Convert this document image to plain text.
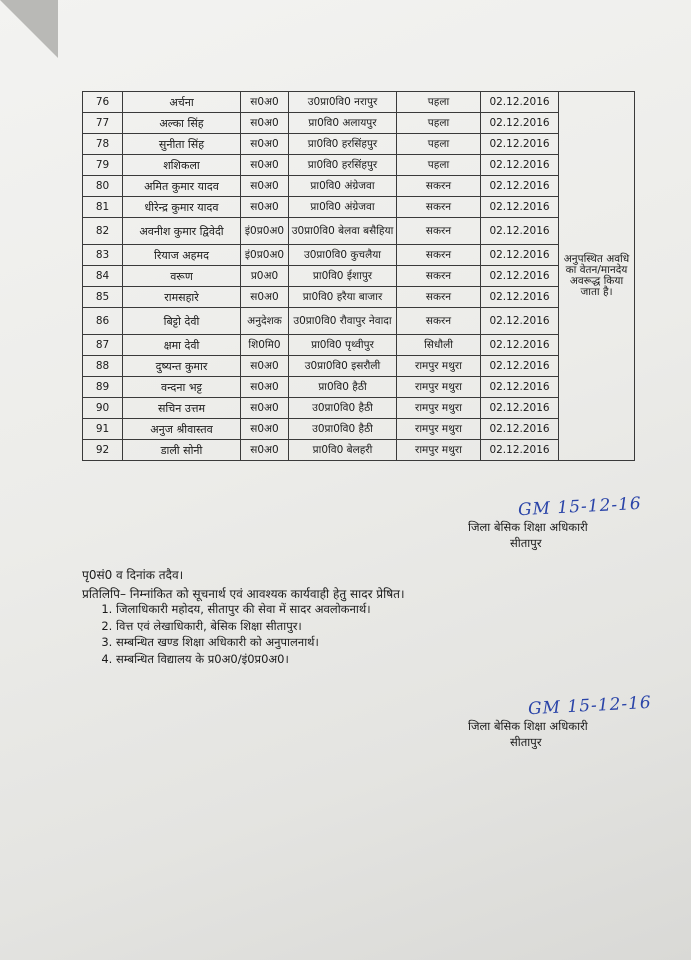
76	अर्चना	स0अ0	उ0प्रा0वि0 नरापुर	पहला	02.12.2016	अनुपस्थित अवधि का वेतन/मानदेय अवरूद्ध किया जाता है।
77	अल्का सिंह	स0अ0	प्रा0वि0 अलायपुर	पहला	02.12.2016	
78	सुनीता सिंह	स0अ0	प्रा0वि0 हरसिंहपुर	पहला	02.12.2016	
79	शशिकला	स0अ0	प्रा0वि0 हरसिंहपुर	पहला	02.12.2016	
80	अमित कुमार यादव	स0अ0	प्रा0वि0 अंग्रेजवा	सकरन	02.12.2016	
81	धीरेन्द्र कुमार यादव	स0अ0	प्रा0वि0 अंग्रेजवा	सकरन	02.12.2016	
82	अवनीश कुमार द्विवेदी	इं0प्र0अ0	उ0प्रा0वि0 बेलवा बसैहिया	सकरन	02.12.2016	
83	रियाज अहमद	इं0प्र0अ0	उ0प्रा0वि0 कुचलैया	सकरन	02.12.2016	
84	वरूण	प्र0अ0	प्रा0वि0 ईशापुर	सकरन	02.12.2016	
85	रामसहारे	स0अ0	प्रा0वि0 हरैया बाजार	सकरन	02.12.2016	
86	बिट्टो देवी	अनुदेशक	उ0प्रा0वि0 रौवापुर नेवादा	सकरन	02.12.2016	
87	क्षमा देवी	शि0मि0	प्रा0वि0 पृथ्वीपुर	सिधौली	02.12.2016	
88	दुष्यन्त कुमार	स0अ0	उ0प्रा0वि0 इसरौली	रामपुर मथुरा	02.12.2016	
89	वन्दना भट्ट	स0अ0	प्रा0वि0 हैठी	रामपुर मथुरा	02.12.2016	
90	सचिन उत्तम	स0अ0	उ0प्रा0वि0 हैठी	रामपुर मथुरा	02.12.2016	
91	अनुज श्रीवास्तव	स0अ0	उ0प्रा0वि0 हैठी	रामपुर मथुरा	02.12.2016	
92	डाली सोनी	स0अ0	प्रा0वि0 बेलहरी	रामपुर मथुरा	02.12.2016	
GM 15-12-16
जिला बेसिक शिक्षा अधिकारी
सीतापुर
पृ0सं0 व दिनांक तदैव।
प्रतिलिपि– निम्नांकित को सूचनार्थ एवं आवश्यक कार्यवाही हेतु सादर प्रेषित।
1. जिलाधिकारी महोदय, सीतापुर की सेवा में सादर अवलोकनार्थ।
2. वित्त एवं लेखाधिकारी, बेसिक शिक्षा सीतापुर।
3. सम्बन्धित खण्ड शिक्षा अधिकारी को अनुपालनार्थ।
4. सम्बन्धित विद्यालय के प्र0अ0/इं0प्र0अ0।
GM 15-12-16
जिला बेसिक शिक्षा अधिकारी
सीतापुर
